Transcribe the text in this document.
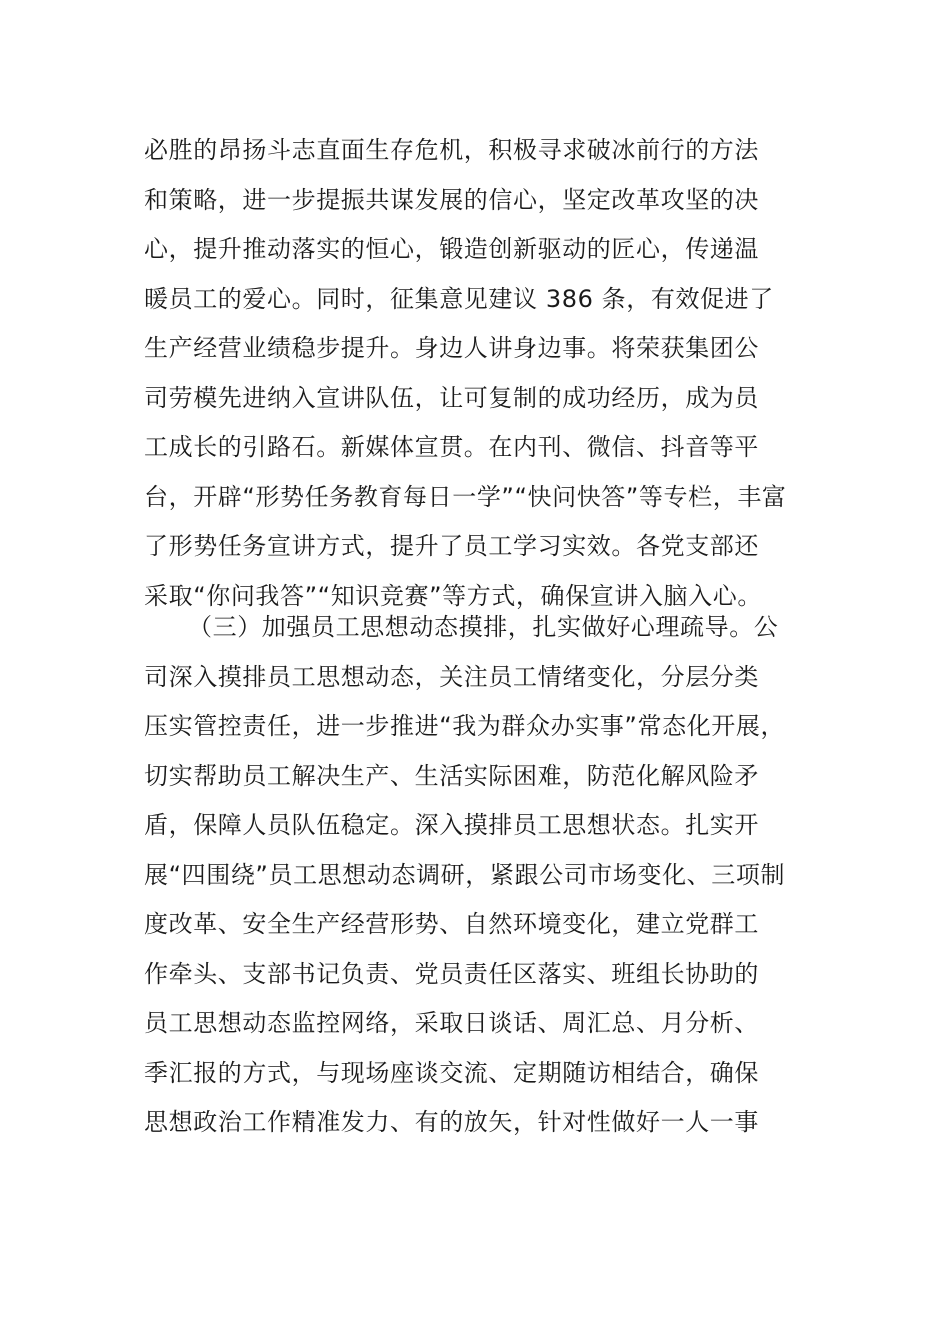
必胜的昂扬斗志直面生存危机，积极寻求破冰前行的方法
和策略，进一步提振共谋发展的信心，坚定改革攻坚的决
心，提升推动落实的恒心，锻造创新驱动的匠心，传递温
暖员工的爱心。同时，征集意见建议 386 条，有效促进了
生产经营业绩稳步提升。身边人讲身边事。将荣获集团公
司劳模先进纳入宣讲队伍，让可复制的成功经历，成为员
工成长的引路石。新媒体宣贯。在内刊、微信、抖音等平
台，开辟“形势任务教育每日一学”“快问快答”等专栏，丰富
了形势任务宣讲方式，提升了员工学习实效。各党支部还
采取“你问我答”“知识竞赛”等方式，确保宣讲入脑入心。
（三）加强员工思想动态摸排，扎实做好心理疏导。公
司深入摸排员工思想动态，关注员工情绪变化，分层分类
压实管控责任，进一步推进“我为群众办实事”常态化开展，
切实帮助员工解决生产、生活实际困难，防范化解风险矛
盾，保障人员队伍稳定。深入摸排员工思想状态。扎实开
展“四围绕”员工思想动态调研，紧跟公司市场变化、三项制
度改革、安全生产经营形势、自然环境变化，建立党群工
作牵头、支部书记负责、党员责任区落实、班组长协助的
员工思想动态监控网络，采取日谈话、周汇总、月分析、
季汇报的方式，与现场座谈交流、定期随访相结合，确保
思想政治工作精准发力、有的放矢，针对性做好一人一事
